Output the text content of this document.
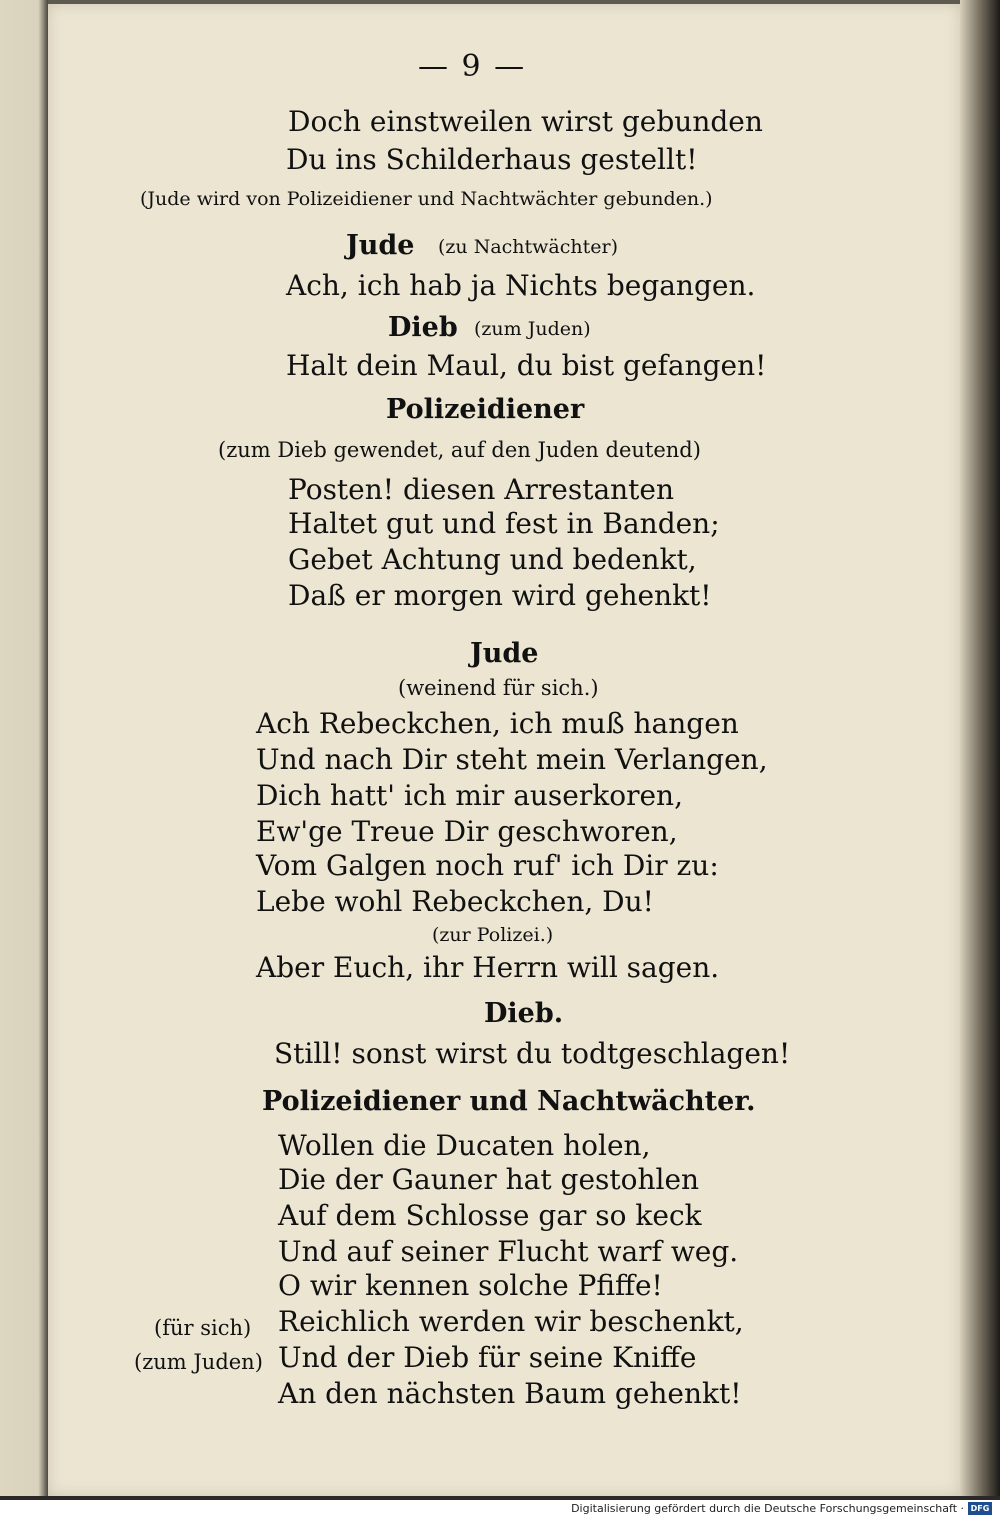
— 9 —
Doch einstweilen wirst gebunden
Du ins Schilderhaus gestellt!
(Jude wird von Polizeidiener und Nachtwächter gebunden.)
Jude (zu Nachtwächter)
Ach, ich hab ja Nichts begangen.
Dieb (zum Juden)
Halt dein Maul, du bist gefangen!
Polizeidiener
(zum Dieb gewendet, auf den Juden deutend)
Posten! diesen Arrestanten
Haltet gut und fest in Banden;
Gebet Achtung und bedenkt,
Daß er morgen wird gehenkt!
Jude
(weinend für sich.)
Ach Rebeckchen, ich muß hangen
Und nach Dir steht mein Verlangen,
Dich hatt' ich mir auserkoren,
Ew'ge Treue Dir geschworen,
Vom Galgen noch ruf' ich Dir zu:
Lebe wohl Rebeckchen, Du!
(zur Polizei.)
Aber Euch, ihr Herrn will sagen.
Dieb.
Still! sonst wirst du todtgeschlagen!
Polizeidiener und Nachtwächter.
Wollen die Ducaten holen,
Die der Gauner hat gestohlen
Auf dem Schlosse gar so keck
Und auf seiner Flucht warf weg.
O wir kennen solche Pfiffe!
(für sich) Reichlich werden wir beschenkt,
(zum Juden) Und der Dieb für seine Kniffe
An den nächsten Baum gehenkt!
Digitalisierung gefördert durch die Deutsche Forschungsgemeinschaft · DFG
